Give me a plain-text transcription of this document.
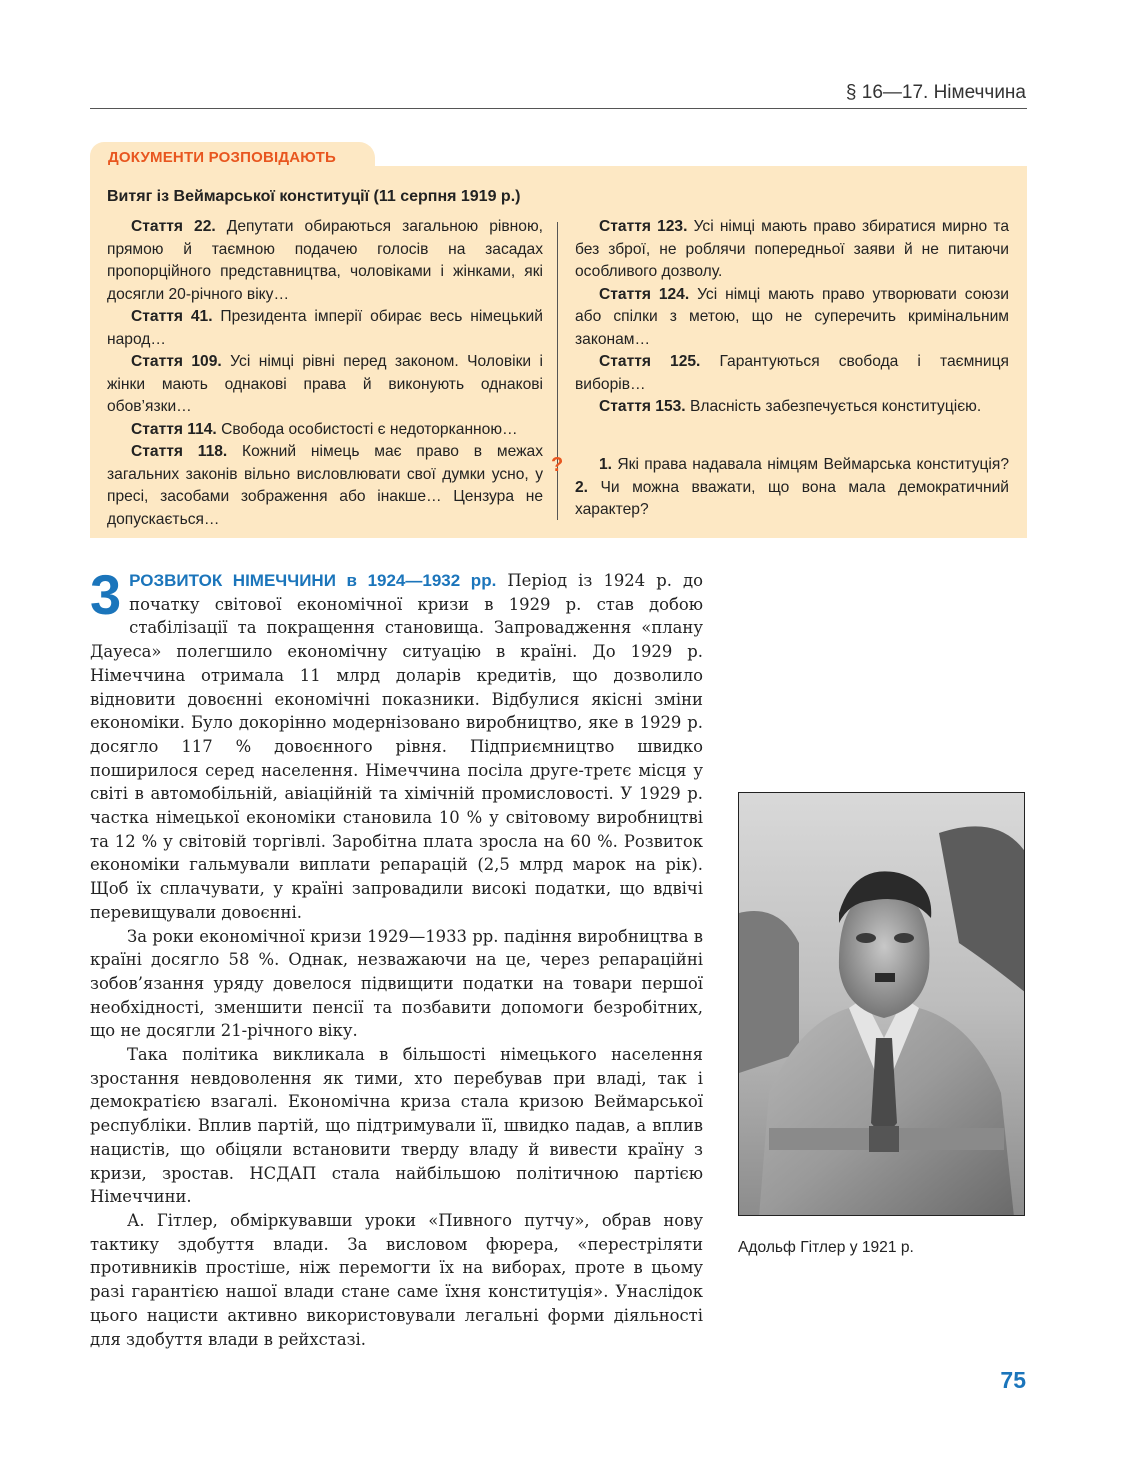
§ 16—17. Німеччина
Витяг із Веймарської конституції (11 серпня 1919 р.)

Стаття 22. Депутати обираються загальною рівною, прямою й таємною подачею голосів на засадах пропорційного представництва, чоловіками і жінками, які досягли 20-річного віку…

Стаття 41. Президента імперії обирає весь німецький народ…

Стаття 109. Усі німці рівні перед законом. Чоловіки і жінки мають однакові права й виконують однакові обов’язки…

Стаття 114. Свобода особистості є недоторканною…

Стаття 118. Кожний німець має право в межах загальних законів вільно висловлювати свої думки усно, у пресі, засобами зображення або інакше… Цензура не допускається…

Стаття 123. Усі німці мають право збиратися мирно та без зброї, не роблячи попередньої заяви й не питаючи особливого дозволу.

Стаття 124. Усі німці мають право утворювати союзи або спілки з метою, що не суперечить кримінальним законам…

Стаття 125. Гарантуються свобода і таємниця виборів…

Стаття 153. Власність забезпечується конституцією.

?	1. Які права надавала німцям Веймарська конституція? 2. Чи можна вважати, що вона мала демократичний характер?

ДОКУМЕНТИ РОЗПОВІДАЮТЬ

3 РОЗВИТОК НІМЕЧЧИНИ в 1924—1932 рр. Період із 1924 р. до початку світової економічної кризи в 1929 р. став добою стабілізації та покращення становища. Запровадження «плану Дауеса» полегшило економічну ситуацію в країні. До 1929 р. Німеччина отримала 11 млрд доларів кредитів, що дозволило відновити довоєнні економічні показники. Відбулися якісні зміни економіки. Було докорінно модернізовано виробництво, яке в 1929 р. досягло 117 % довоєнного рівня. Підприємництво швидко поширилося серед населення. Німеччина посіла друге-третє місця у світі в автомобільній, авіаційній та хімічній промисловості. У 1929 р. частка німецької економіки становила 10 % у світовому виробництві та 12 % у світовій торгівлі. Заробітна плата зросла на 60 %. Розвиток економіки гальмували виплати репарацій (2,5 млрд марок на рік). Щоб їх сплачувати, у країні запровадили високі податки, що вдвічі перевищували довоєнні.

За роки економічної кризи 1929—1933 рр. падіння виробництва в країні досягло 58 %. Однак, незважаючи на це, через репараційні зобов’язання уряду довелося підвищити податки на товари першої необхідності, зменшити пенсії та позбавити допомоги безробітних, що не досягли 21-річного віку.

Така політика викликала в більшості німецького населення зростання невдоволення як тими, хто перебував при владі, так і демократією взагалі. Економічна криза стала кризою Веймарської республіки. Вплив партій, що підтримували її, швидко падав, а вплив нацистів, що обіцяли встановити тверду владу й вивести країну з кризи, зростав. НСДАП стала найбільшою політичною партією Німеччини.

А. Гітлер, обміркувавши уроки «Пивного путчу», обрав нову тактику здобуття влади. За висловом фюрера, «перестріляти противників простіше, ніж перемогти їх на виборах, проте в цьому разі гарантією нашої влади стане саме їхня конституція». Унаслідок цього нацисти активно використовували легальні форми діяльності для здобуття влади в рейхстазі.

Адольф Гітлер у 1921 р.
75
